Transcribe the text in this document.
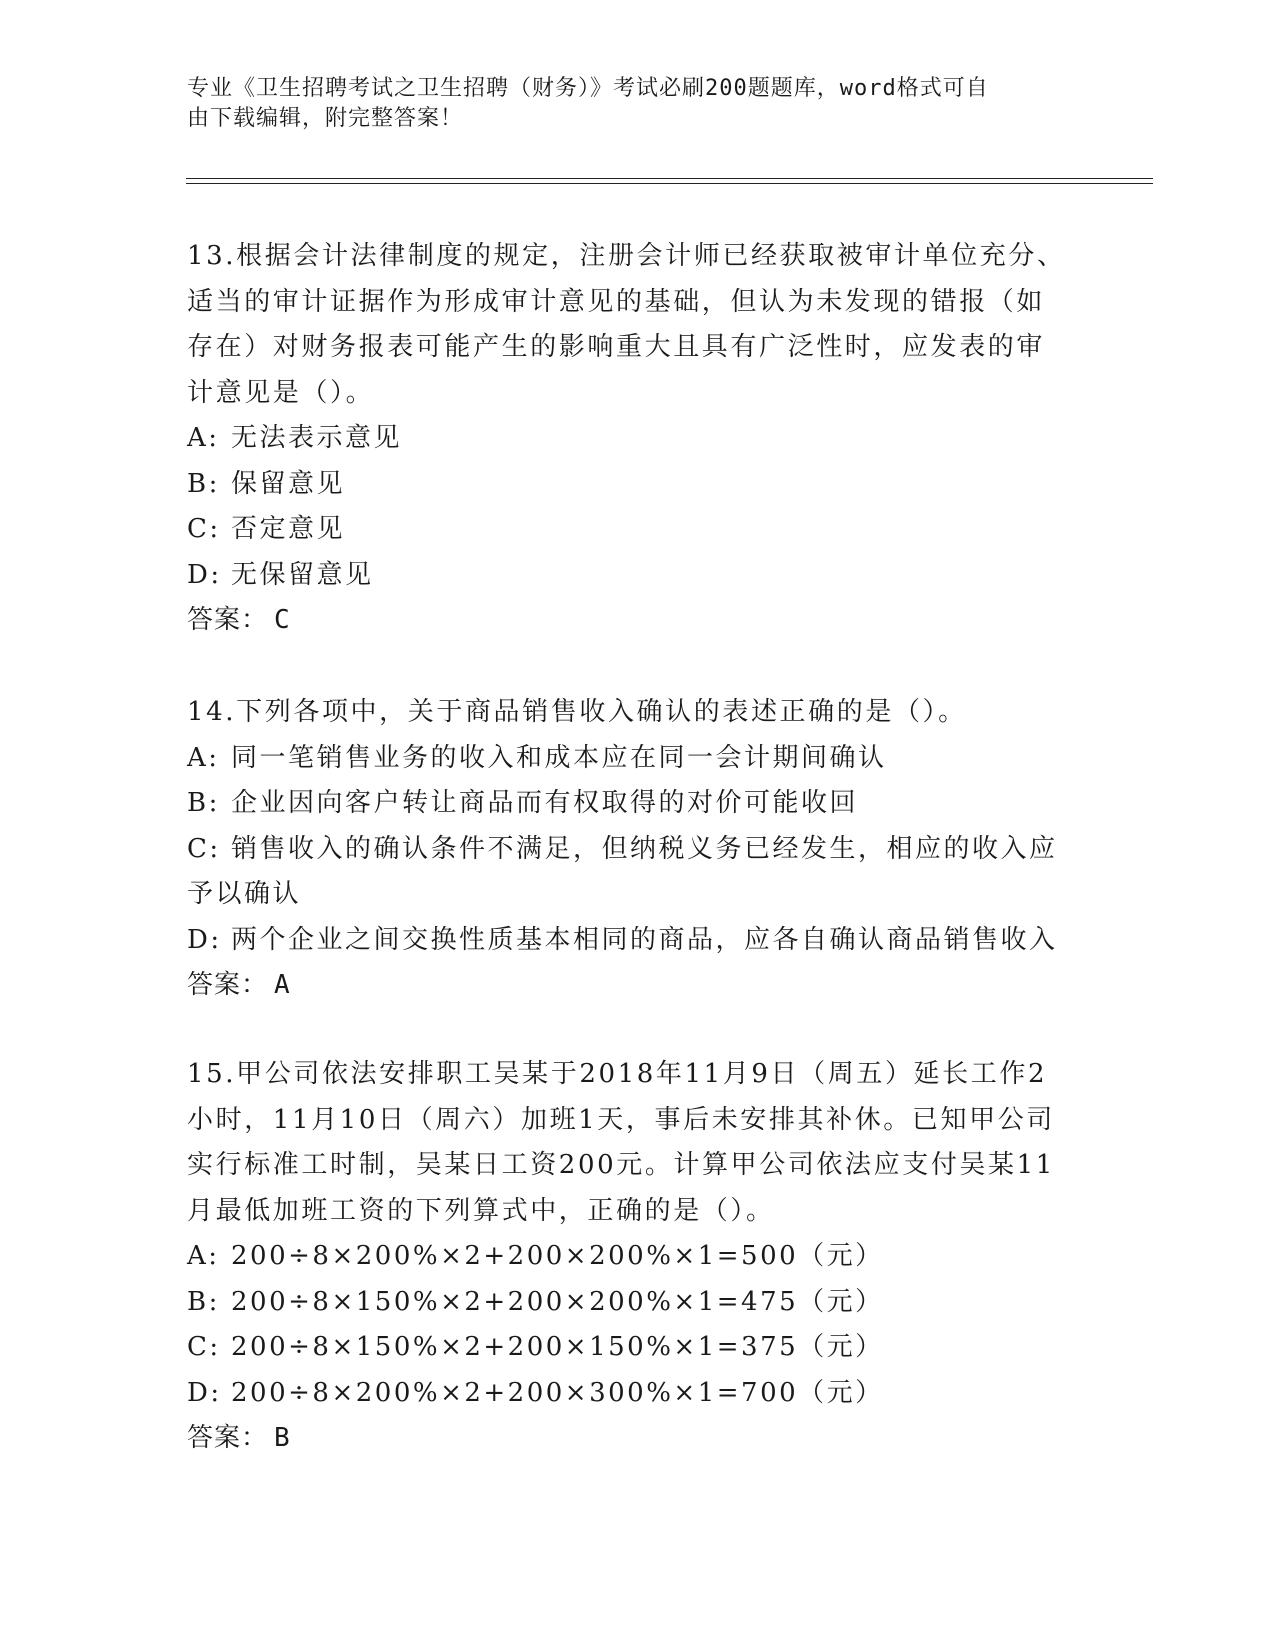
专业《卫生招聘考试之卫生招聘（财务）》考试必刷200题题库，word格式可自
由下载编辑，附完整答案！
13.根据会计法律制度的规定，注册会计师已经获取被审计单位充分、
适当的审计证据作为形成审计意见的基础，但认为未发现的错报（如
存在）对财务报表可能产生的影响重大且具有广泛性时，应发表的审
计意见是（）。
A: 无法表示意见
B: 保留意见
C: 否定意见
D: 无保留意见
答案： C
14.下列各项中，关于商品销售收入确认的表述正确的是（）。
A: 同一笔销售业务的收入和成本应在同一会计期间确认
B: 企业因向客户转让商品而有权取得的对价可能收回
C: 销售收入的确认条件不满足，但纳税义务已经发生，相应的收入应
予以确认
D: 两个企业之间交换性质基本相同的商品，应各自确认商品销售收入
答案： A
15.甲公司依法安排职工吴某于2018年11月9日（周五）延长工作2
小时，11月10日（周六）加班1天，事后未安排其补休。已知甲公司
实行标准工时制，吴某日工资200元。计算甲公司依法应支付吴某11
月最低加班工资的下列算式中，正确的是（）。
A: 200÷8×200%×2+200×200%×1=500（元）
B: 200÷8×150%×2+200×200%×1=475（元）
C: 200÷8×150%×2+200×150%×1=375（元）
D: 200÷8×200%×2+200×300%×1=700（元）
答案： B
